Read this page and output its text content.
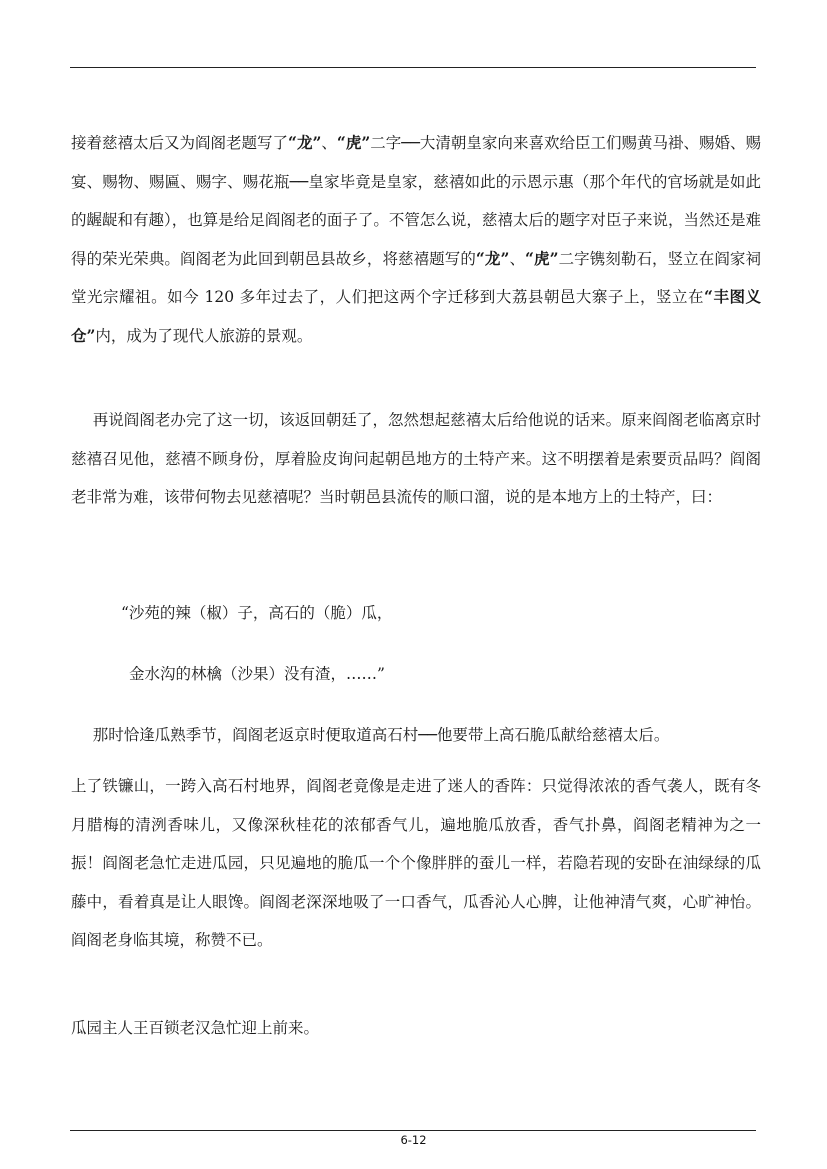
接着慈禧太后又为阎阁老题写了“龙”、“虎”二字──大清朝皇家向来喜欢给臣工们赐黄马褂、赐婚、赐宴、赐物、赐匾、赐字、赐花瓶──皇家毕竟是皇家，慈禧如此的示恩示惠（那个年代的官场就是如此的龌龊和有趣），也算是给足阎阁老的面子了。不管怎么说，慈禧太后的题字对臣子来说，当然还是难得的荣光荣典。阎阁老为此回到朝邑县故乡，将慈禧题写的“龙”、“虎”二字镌刻勒石，竖立在阎家祠堂光宗耀祖。如今 120 多年过去了，人们把这两个字迁移到大荔县朝邑大寨子上，竖立在“丰图义仓”内，成为了现代人旅游的景观。

再说阎阁老办完了这一切，该返回朝廷了，忽然想起慈禧太后给他说的话来。原来阎阁老临离京时慈禧召见他，慈禧不顾身份，厚着脸皮询问起朝邑地方的土特产来。这不明摆着是索要贡品吗？阎阁老非常为难，该带何物去见慈禧呢？当时朝邑县流传的顺口溜，说的是本地方上的土特产，曰：

“沙苑的辣（椒）子，高石的（脆）瓜，

金水沟的林檎（沙果）没有渣，……”

那时恰逢瓜熟季节，阎阁老返京时便取道高石村──他要带上高石脆瓜献给慈禧太后。

上了铁镰山，一跨入高石村地界，阎阁老竟像是走进了迷人的香阵：只觉得浓浓的香气袭人，既有冬月腊梅的清洌香味儿，又像深秋桂花的浓郁香气儿，遍地脆瓜放香，香气扑鼻，阎阁老精神为之一振！阎阁老急忙走进瓜园，只见遍地的脆瓜一个个像胖胖的蚕儿一样，若隐若现的安卧在油绿绿的瓜藤中，看着真是让人眼馋。阎阁老深深地吸了一口香气，瓜香沁人心脾，让他神清气爽，心旷神怡。阎阁老身临其境，称赞不已。

瓜园主人王百锁老汉急忙迎上前来。

6-12
